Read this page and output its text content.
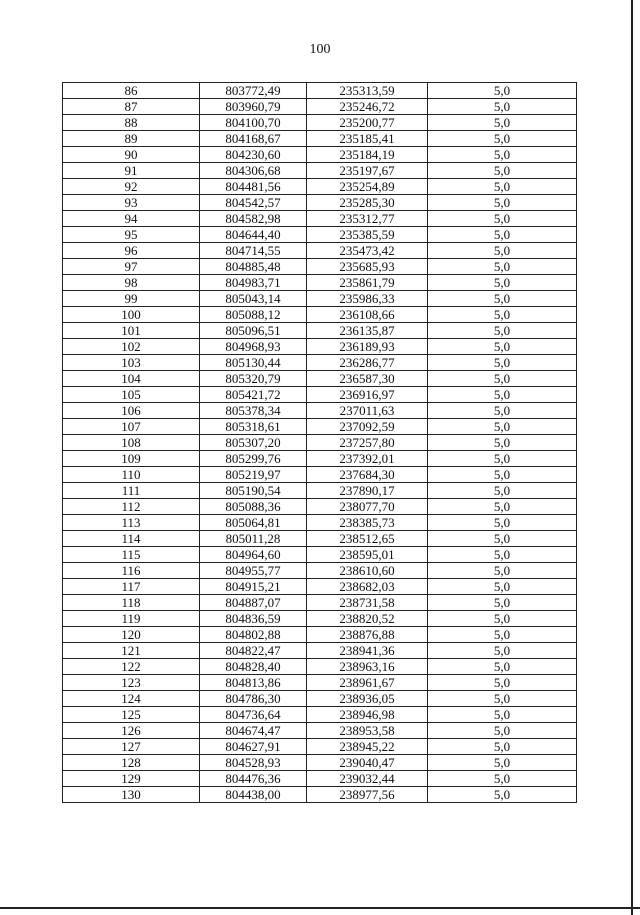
100
86	803772,49	235313,59	5,0
87	803960,79	235246,72	5,0
88	804100,70	235200,77	5,0
89	804168,67	235185,41	5,0
90	804230,60	235184,19	5,0
91	804306,68	235197,67	5,0
92	804481,56	235254,89	5,0
93	804542,57	235285,30	5,0
94	804582,98	235312,77	5,0
95	804644,40	235385,59	5,0
96	804714,55	235473,42	5,0
97	804885,48	235685,93	5,0
98	804983,71	235861,79	5,0
99	805043,14	235986,33	5,0
100	805088,12	236108,66	5,0
101	805096,51	236135,87	5,0
102	804968,93	236189,93	5,0
103	805130,44	236286,77	5,0
104	805320,79	236587,30	5,0
105	805421,72	236916,97	5,0
106	805378,34	237011,63	5,0
107	805318,61	237092,59	5,0
108	805307,20	237257,80	5,0
109	805299,76	237392,01	5,0
110	805219,97	237684,30	5,0
111	805190,54	237890,17	5,0
112	805088,36	238077,70	5,0
113	805064,81	238385,73	5,0
114	805011,28	238512,65	5,0
115	804964,60	238595,01	5,0
116	804955,77	238610,60	5,0
117	804915,21	238682,03	5,0
118	804887,07	238731,58	5,0
119	804836,59	238820,52	5,0
120	804802,88	238876,88	5,0
121	804822,47	238941,36	5,0
122	804828,40	238963,16	5,0
123	804813,86	238961,67	5,0
124	804786,30	238936,05	5,0
125	804736,64	238946,98	5,0
126	804674,47	238953,58	5,0
127	804627,91	238945,22	5,0
128	804528,93	239040,47	5,0
129	804476,36	239032,44	5,0
130	804438,00	238977,56	5,0
